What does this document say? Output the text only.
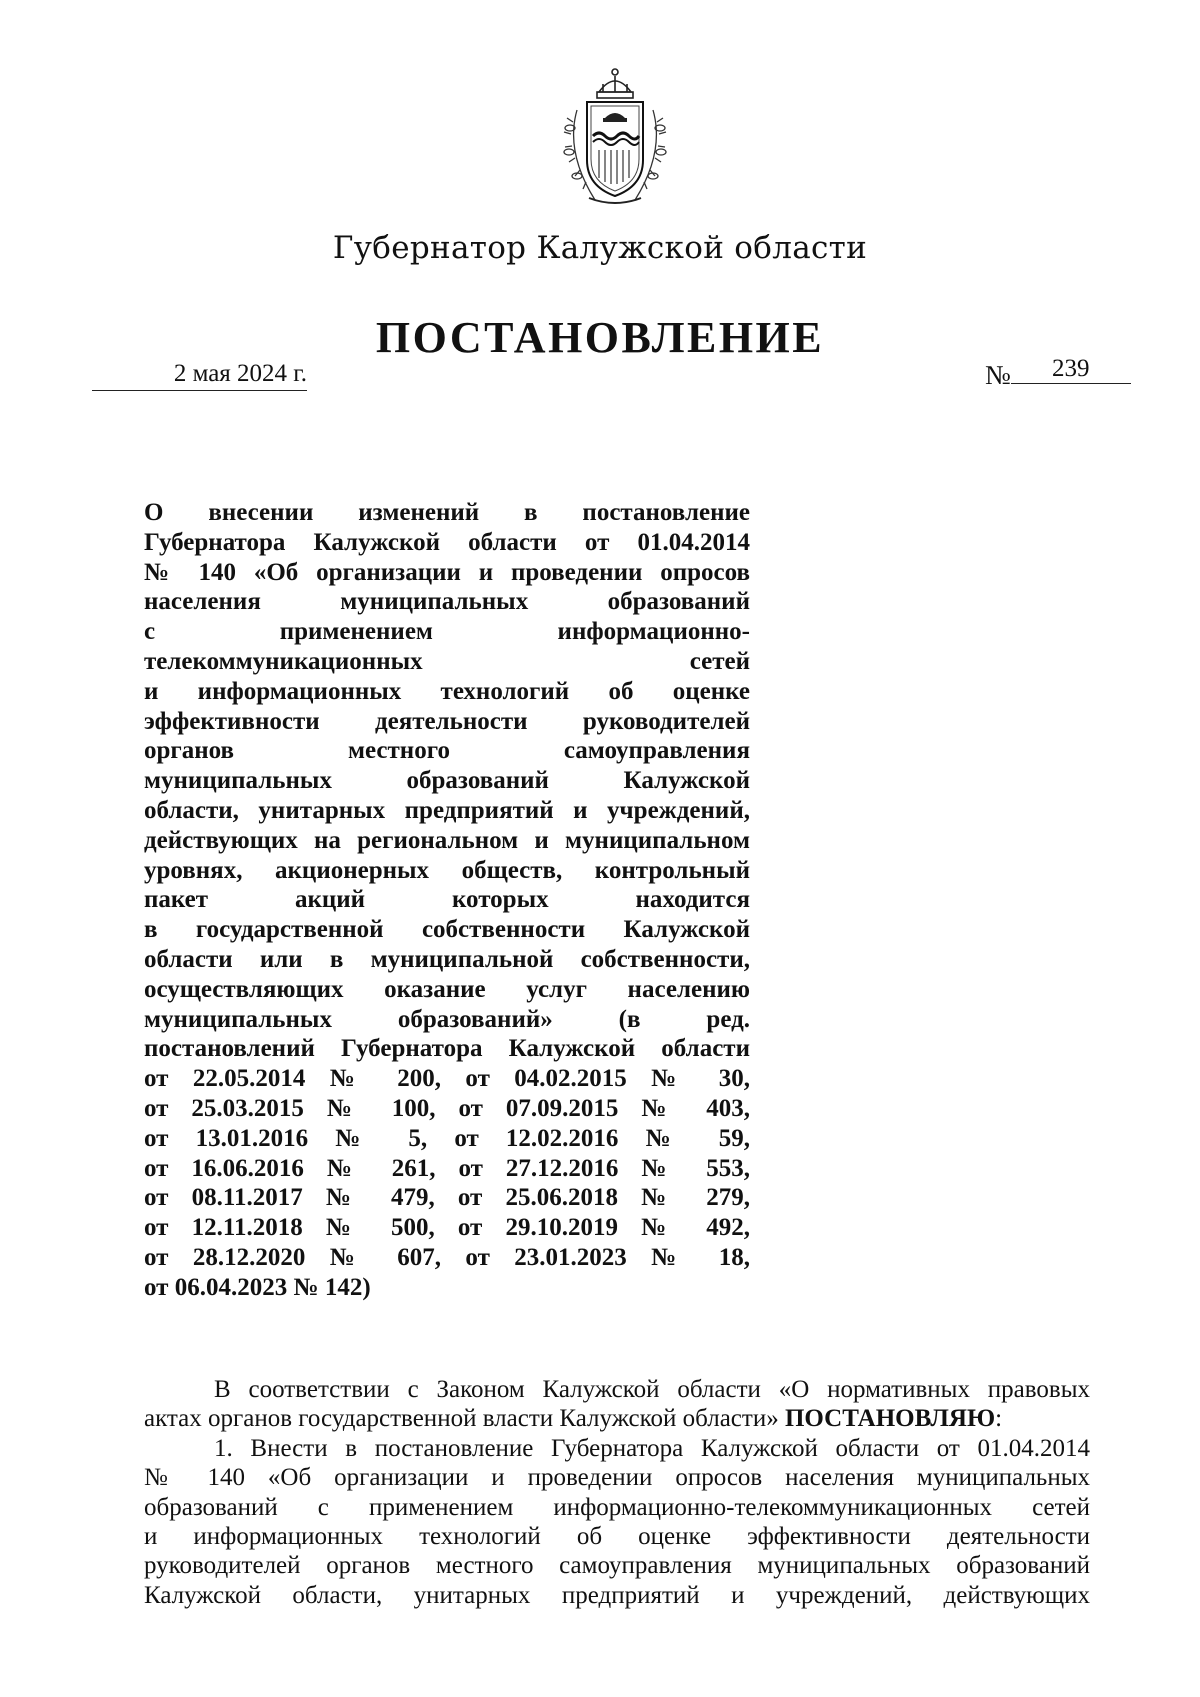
Губернатор Калужской области
ПОСТАНОВЛЕНИЕ
2 мая 2024 г.	№ 239
О внесении изменений в постановление
Губернатора Калужской области от 01.04.2014
№ 140 «Об организации и проведении опросов
населения муниципальных образований
с применением информационно-
телекоммуникационных сетей
и информационных технологий об оценке
эффективности деятельности руководителей
органов местного самоуправления
муниципальных образований Калужской
области, унитарных предприятий и учреждений,
действующих на региональном и муниципальном
уровнях, акционерных обществ, контрольный
пакет акций которых находится
в государственной собственности Калужской
области или в муниципальной собственности,
осуществляющих оказание услуг населению
муниципальных образований» (в ред.
постановлений Губернатора Калужской области
от 22.05.2014 № 200, от 04.02.2015 № 30,
от 25.03.2015 № 100, от 07.09.2015 № 403,
от 13.01.2016 № 5, от 12.02.2016 № 59,
от 16.06.2016 № 261, от 27.12.2016 № 553,
от 08.11.2017 № 479, от 25.06.2018 № 279,
от 12.11.2018 № 500, от 29.10.2019 № 492,
от 28.12.2020 № 607, от 23.01.2023 № 18,
от 06.04.2023 № 142)
В соответствии с Законом Калужской области «О нормативных правовых
актах органов государственной власти Калужской области» ПОСТАНОВЛЯЮ:
1. Внести в постановление Губернатора Калужской области от 01.04.2014
№ 140 «Об организации и проведении опросов населения муниципальных
образований с применением информационно-телекоммуникационных сетей
и информационных технологий об оценке эффективности деятельности
руководителей органов местного самоуправления муниципальных образований
Калужской области, унитарных предприятий и учреждений, действующих
